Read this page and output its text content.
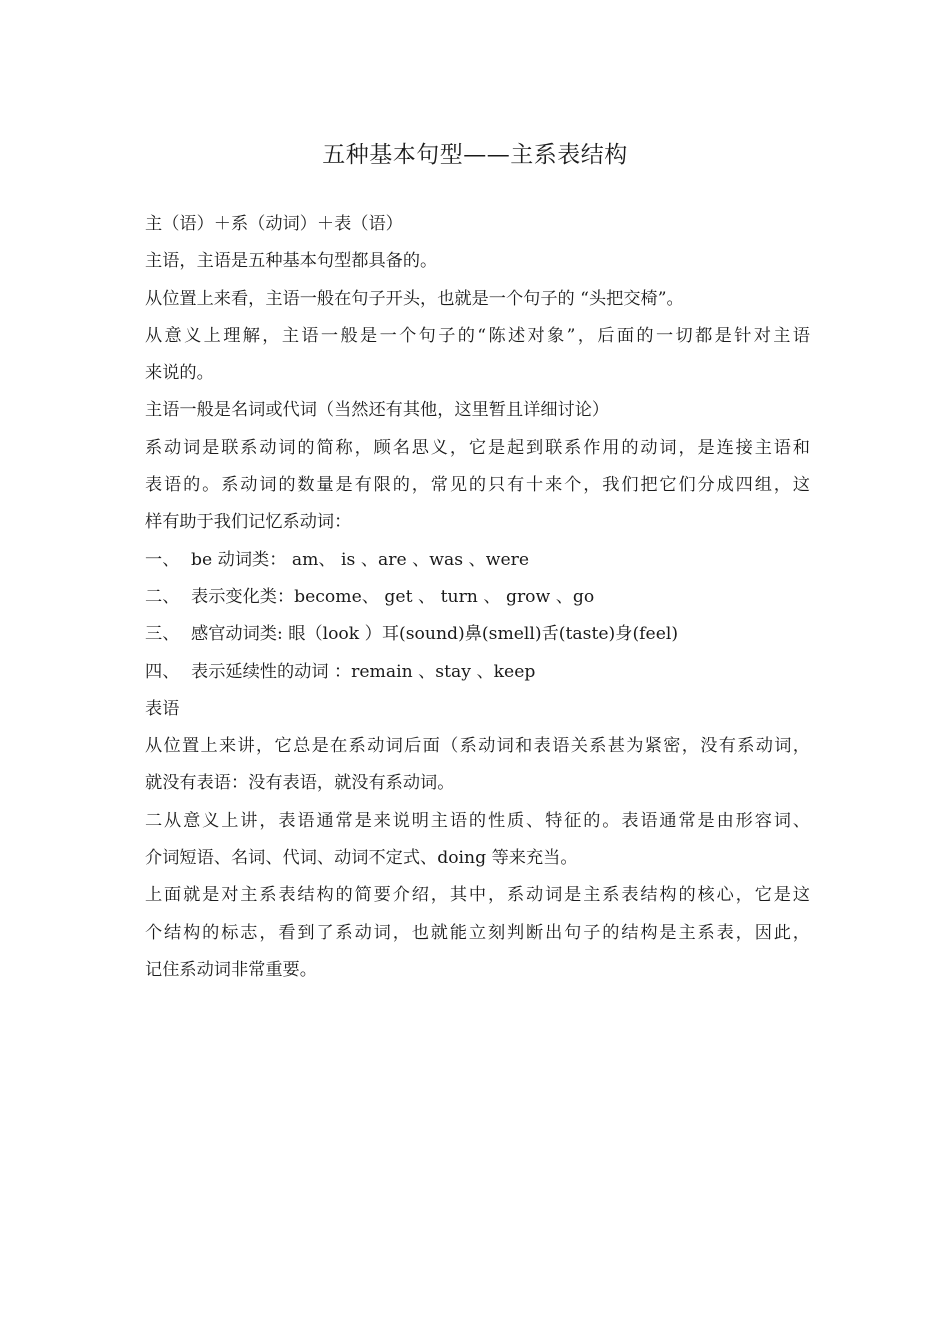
五种基本句型——主系表结构
主（语）＋系（动词）＋表（语）
主语，主语是五种基本句型都具备的。
从位置上来看，主语一般在句子开头，也就是一个句子的 “头把交椅”。
从意义上理解，主语一般是一个句子的“陈述对象”，后面的一切都是针对主语
来说的。
主语一般是名词或代词（当然还有其他，这里暂且详细讨论）
系动词是联系动词的简称，顾名思义，它是起到联系作用的动词，是连接主语和
表语的。系动词的数量是有限的，常见的只有十来个，我们把它们分成四组，这
样有助于我们记忆系动词：
一、 be 动词类： am、 is 、are 、was 、were
二、 表示变化类：become、 get 、 turn 、 grow 、go
三、 感官动词类: 眼（look ）耳(sound)鼻(smell)舌(taste)身(feel)
四、 表示延续性的动词 ：remain 、stay 、keep
表语
从位置上来讲，它总是在系动词后面（系动词和表语关系甚为紧密，没有系动词，
就没有表语：没有表语，就没有系动词。
二从意义上讲，表语通常是来说明主语的性质、特征的。表语通常是由形容词、
介词短语、名词、代词、动词不定式、doing 等来充当。
上面就是对主系表结构的简要介绍，其中，系动词是主系表结构的核心，它是这
个结构的标志，看到了系动词，也就能立刻判断出句子的结构是主系表，因此，
记住系动词非常重要。
